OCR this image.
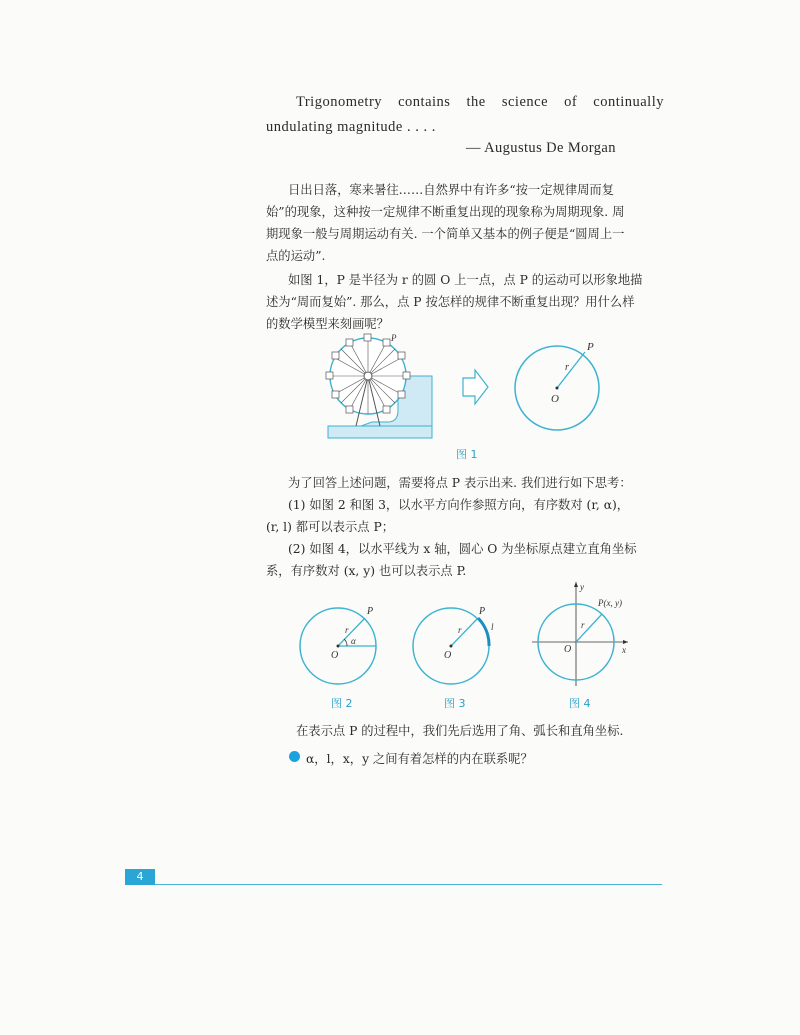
Trigonometry contains the science of continually
undulating magnitude . . . .
— Augustus De Morgan
日出日落，寒来暑往……自然界中有许多“按一定规律周而复
始”的现象，这种按一定规律不断重复出现的现象称为周期现象. 周
期现象一般与周期运动有关. 一个简单又基本的例子便是“圆周上一
点的运动”.
如图 1，P 是半径为 r 的圆 O 上一点，点 P 的运动可以形象地描
述为“周而复始”. 那么，点 P 按怎样的规律不断重复出现？用什么样
的数学模型来刻画呢？
P
P
r
O
图 1
为了回答上述问题，需要将点 P 表示出来. 我们进行如下思考：
(1) 如图 2 和图 3，以水平方向作参照方向，有序数对 (r, α)，
(r, l) 都可以表示点 P；
(2) 如图 4，以水平线为 x 轴，圆心 O 为坐标原点建立直角坐标
系，有序数对 (x, y) 也可以表示点 P.
P
r
α
O
图 2
P
r	l
O
图 3
y
x
P(x, y)
r
O
图 4
在表示点 P 的过程中，我们先后选用了角、弧长和直角坐标.
α，l，x，y 之间有着怎样的内在联系呢？
4
